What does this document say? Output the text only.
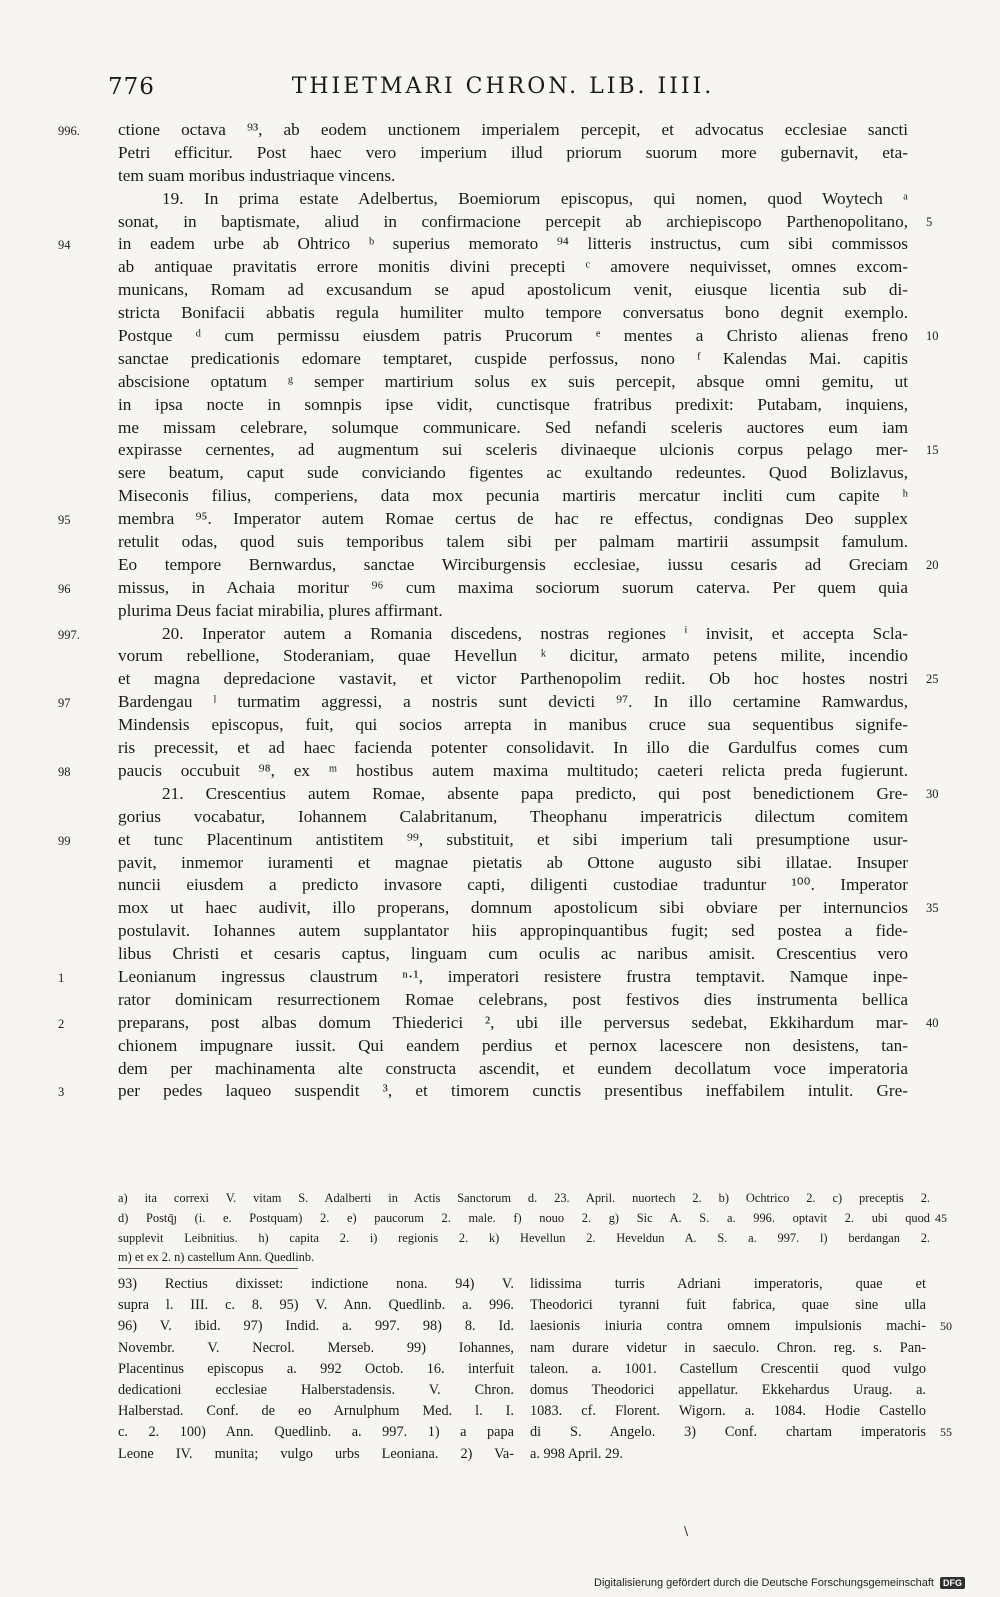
776	THIETMARI CHRON. LIB. IIII.
996.	ctione octava ⁹³, ab eodem unctionem imperialem percepit, et advocatus ecclesiae sancti
Petri efficitur. Post haec vero imperium illud priorum suorum more gubernavit, eta-
tem suam moribus industriaque vincens.
19. In prima estate Adelbertus, Boemiorum episcopus, qui nomen, quod Woytech ᵃ
sonat, in baptismate, aliud in confirmacione percepit ab archiepiscopo Parthenopolitano, 5
94	in eadem urbe ab Ohtrico ᵇ superius memorato ⁹⁴ litteris instructus, cum sibi commissos
ab antiquae pravitatis errore monitis divini precepti ᶜ amovere nequivisset, omnes excom-
municans, Romam ad excusandum se apud apostolicum venit, eiusque licentia sub di-
stricta Bonifacii abbatis regula humiliter multo tempore conversatus bono degnit exemplo.
Postque ᵈ cum permissu eiusdem patris Prucorum ᵉ mentes a Christo alienas freno 10
sanctae predicationis edomare temptaret, cuspide perfossus, nono ᶠ Kalendas Mai. capitis
abscisione optatum ᵍ semper martirium solus ex suis percepit, absque omni gemitu, ut
in ipsa nocte in somnpis ipse vidit, cunctisque fratribus predixit: Putabam, inquiens,
me missam celebrare, solumque communicare. Sed nefandi sceleris auctores eum iam
expirasse cernentes, ad augmentum sui sceleris divinaeque ulcionis corpus pelago mer- 15
sere beatum, caput sude conviciando figentes ac exultando redeuntes. Quod Bolizlavus,
Miseconis filius, comperiens, data mox pecunia martiris mercatur incliti cum capite ʰ
95	membra ⁹⁵. Imperator autem Romae certus de hac re effectus, condignas Deo supplex
retulit odas, quod suis temporibus talem sibi per palmam martirii assumpsit famulum.
Eo tempore Bernwardus, sanctae Wirciburgensis ecclesiae, iussu cesaris ad Greciam 20
96	missus, in Achaia moritur ⁹⁶ cum maxima sociorum suorum caterva. Per quem quia
plurima Deus faciat mirabilia, plures affirmant.
997.	20. Inperator autem a Romania discedens, nostras regiones ⁱ invisit, et accepta Scla-
vorum rebellione, Stoderaniam, quae Hevellun ᵏ dicitur, armato petens milite, incendio
et magna depredacione vastavit, et victor Parthenopolim rediit. Ob hoc hostes nostri 25
97	Bardengau ˡ turmatim aggressi, a nostris sunt devicti ⁹⁷. In illo certamine Ramwardus,
Mindensis episcopus, fuit, qui socios arrepta in manibus cruce sua sequentibus signife-
ris precessit, et ad haec facienda potenter consolidavit. In illo die Gardulfus comes cum
98	paucis occubuit ⁹⁸, ex ᵐ hostibus autem maxima multitudo; caeteri relicta preda fugierunt.
21. Crescentius autem Romae, absente papa predicto, qui post benedictionem Gre- 30
gorius vocabatur, Iohannem Calabritanum, Theophanu imperatricis dilectum comitem
99	et tunc Placentinum antistitem ⁹⁹, substituit, et sibi imperium tali presumptione usur-
pavit, inmemor iuramenti et magnae pietatis ab Ottone augusto sibi illatae. Insuper
nuncii eiusdem a predicto invasore capti, diligenti custodiae traduntur ¹⁰⁰. Imperator
mox ut haec audivit, illo properans, domnum apostolicum sibi obviare per internuncios 35
postulavit. Iohannes autem supplantator hiis appropinquantibus fugit; sed postea a fide-
libus Christi et cesaris captus, linguam cum oculis ac naribus amisit. Crescentius vero
1	Leonianum ingressus claustrum ⁿ·¹, imperatori resistere frustra temptavit. Namque inpe-
rator dominicam resurrectionem Romae celebrans, post festivos dies instrumenta bellica
2	preparans, post albas domum Thiederici ², ubi ille perversus sedebat, Ekkihardum mar- 40
chionem impugnare iussit. Qui eandem perdius et pernox lacescere non desistens, tan-
dem per machinamenta alte constructa ascendit, et eundem decollatum voce imperatoria
3	per pedes laqueo suspendit ³, et timorem cunctis presentibus ineffabilem intulit. Gre-
a) ita correxi V. vitam S. Adalberti in Actis Sanctorum d. 23. April. nuortech 2. b) Ochtrico 2. c) preceptis 2.
d) Postq̄ȷ (i. e. Postquam) 2. e) paucorum 2. male. f) nouo 2. g) Sic A. S. a. 996. optavit 2. ubi quod 45
supplevit Leibnitius. h) capita 2. i) regionis 2. k) Hevellun 2. Heveldun A. S. a. 997. l) berdangan 2.
m) et ex 2. n) castellum Ann. Quedlinb.
93) Rectius dixisset: indictione nona. 94) V.
supra l. III. c. 8. 95) V. Ann. Quedlinb. a. 996.
96) V. ibid. 97) Indid. a. 997. 98) 8. Id.
Novembr. V. Necrol. Merseb. 99) Iohannes,
Placentinus episcopus a. 992 Octob. 16. interfuit
dedicationi ecclesiae Halberstadensis. V. Chron.
Halberstad. Conf. de eo Arnulphum Med. l. I.
c. 2. 100) Ann. Quedlinb. a. 997. 1) a papa
Leone IV. munita; vulgo urbs Leoniana. 2) Va-
lidissima turris Adriani imperatoris, quae et
Theodorici tyranni fuit fabrica, quae sine ulla
laesionis iniuria contra omnem impulsionis machi- 50
nam durare videtur in saeculo. Chron. reg. s. Pan-
taleon. a. 1001. Castellum Crescentii quod vulgo
domus Theodorici appellatur. Ekkehardus Uraug. a.
1083. cf. Florent. Wigorn. a. 1084. Hodie Castello
di S. Angelo. 3) Conf. chartam imperatoris 55
a. 998 April. 29.
\
Digitalisierung gefördert durch die Deutsche Forschungsgemeinschaft DFG
